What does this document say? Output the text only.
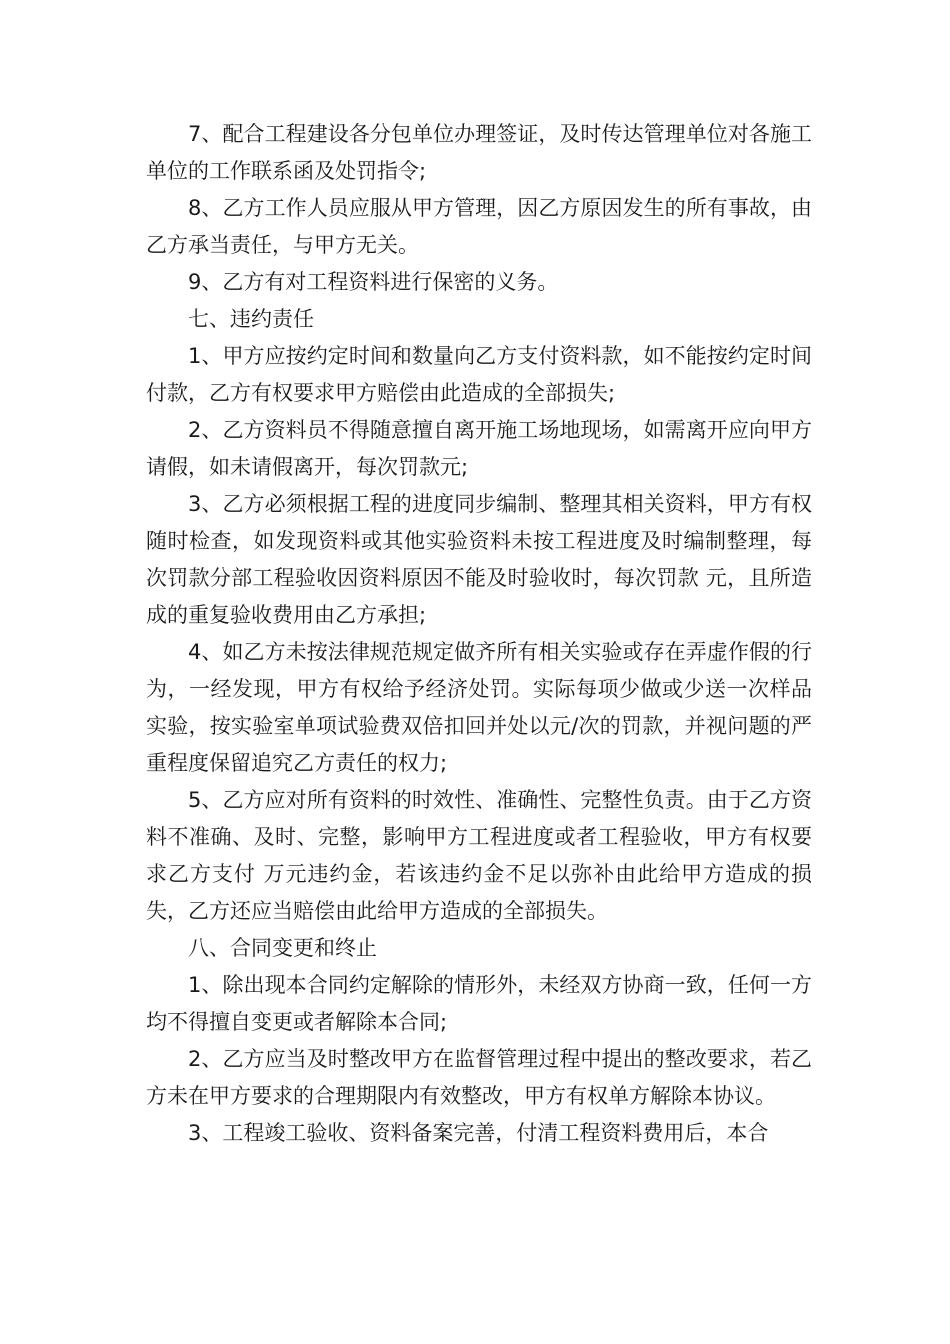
7、配合工程建设各分包单位办理签证，及时传达管理单位对各施工单位的工作联系函及处罚指令;

8、乙方工作人员应服从甲方管理，因乙方原因发生的所有事故，由乙方承当责任，与甲方无关。

9、乙方有对工程资料进行保密的义务。

七、违约责任

1、甲方应按约定时间和数量向乙方支付资料款，如不能按约定时间付款，乙方有权要求甲方赔偿由此造成的全部损失;

2、乙方资料员不得随意擅自离开施工场地现场，如需离开应向甲方请假，如未请假离开，每次罚款元;

3、乙方必须根据工程的进度同步编制、整理其相关资料，甲方有权随时检查，如发现资料或其他实验资料未按工程进度及时编制整理，每次罚款分部工程验收因资料原因不能及时验收时，每次罚款 元，且所造成的重复验收费用由乙方承担;

4、如乙方未按法律规范规定做齐所有相关实验或存在弄虚作假的行为，一经发现，甲方有权给予经济处罚。实际每项少做或少送一次样品实验，按实验室单项试验费双倍扣回并处以元/次的罚款，并视问题的严重程度保留追究乙方责任的权力;

5、乙方应对所有资料的时效性、准确性、完整性负责。由于乙方资料不准确、及时、完整，影响甲方工程进度或者工程验收，甲方有权要求乙方支付 万元违约金，若该违约金不足以弥补由此给甲方造成的损失，乙方还应当赔偿由此给甲方造成的全部损失。

八、合同变更和终止

1、除出现本合同约定解除的情形外，未经双方协商一致，任何一方均不得擅自变更或者解除本合同;

2、乙方应当及时整改甲方在监督管理过程中提出的整改要求，若乙方未在甲方要求的合理期限内有效整改，甲方有权单方解除本协议。

3、工程竣工验收、资料备案完善，付清工程资料费用后，本合
